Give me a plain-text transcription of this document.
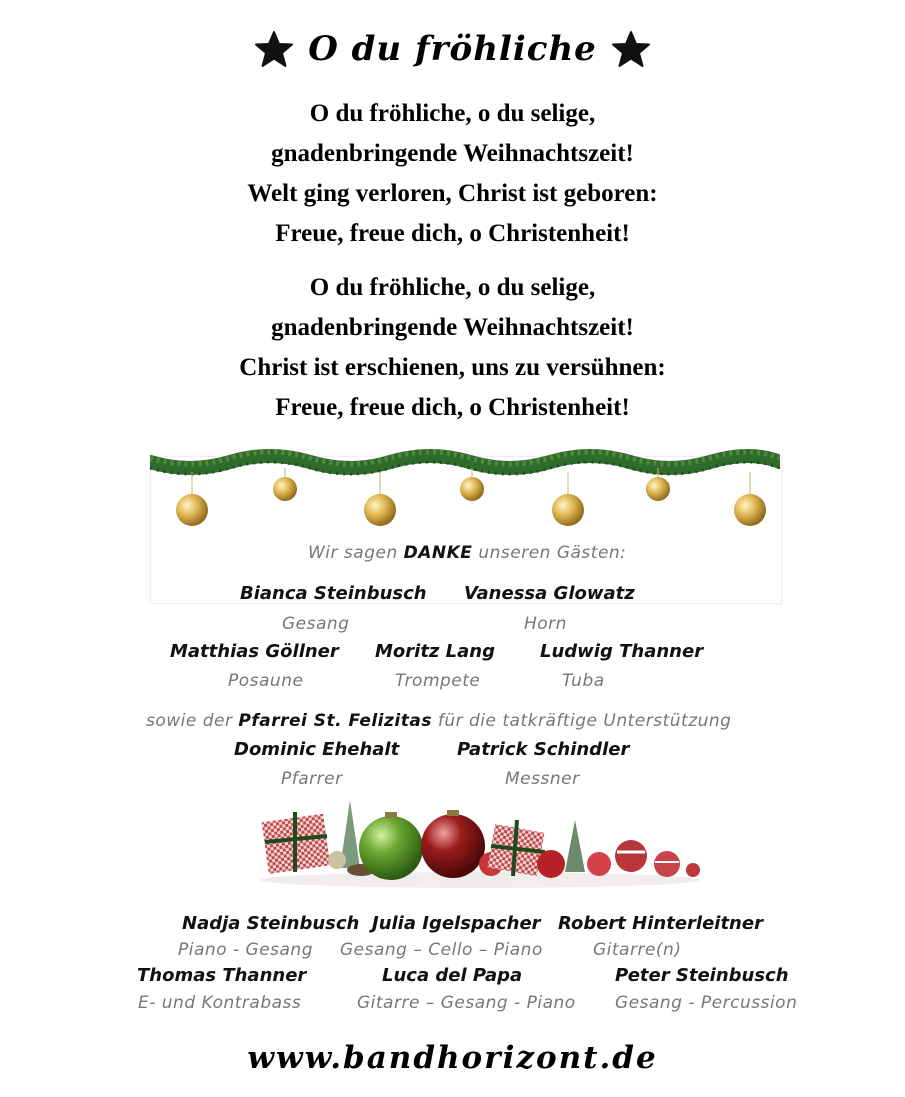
O du fröhliche
O du fröhliche, o du selige,
gnadenbringende Weihnachtszeit!
Welt ging verloren, Christ ist geboren:
Freue, freue dich, o Christenheit!
O du fröhliche, o du selige,
gnadenbringende Weihnachtszeit!
Christ ist erschienen, uns zu versühnen:
Freue, freue dich, o Christenheit!
Wir sagen DANKE unseren Gästen:
Bianca Steinbusch
Gesang
Vanessa Glowatz
Horn
Matthias Göllner
Posaune
Moritz Lang
Trompete
Ludwig Thanner
Tuba
sowie der Pfarrei St. Felizitas für die tatkräftige Unterstützung
Dominic Ehehalt
Pfarrer
Patrick Schindler
Messner
Nadja Steinbusch
Piano - Gesang
Julia Igelspacher
Gesang – Cello – Piano
Robert Hinterleitner
Gitarre(n)
Thomas Thanner
E- und Kontrabass
Luca del Papa
Gitarre – Gesang - Piano
Peter Steinbusch
Gesang - Percussion
www.bandhorizont.de
